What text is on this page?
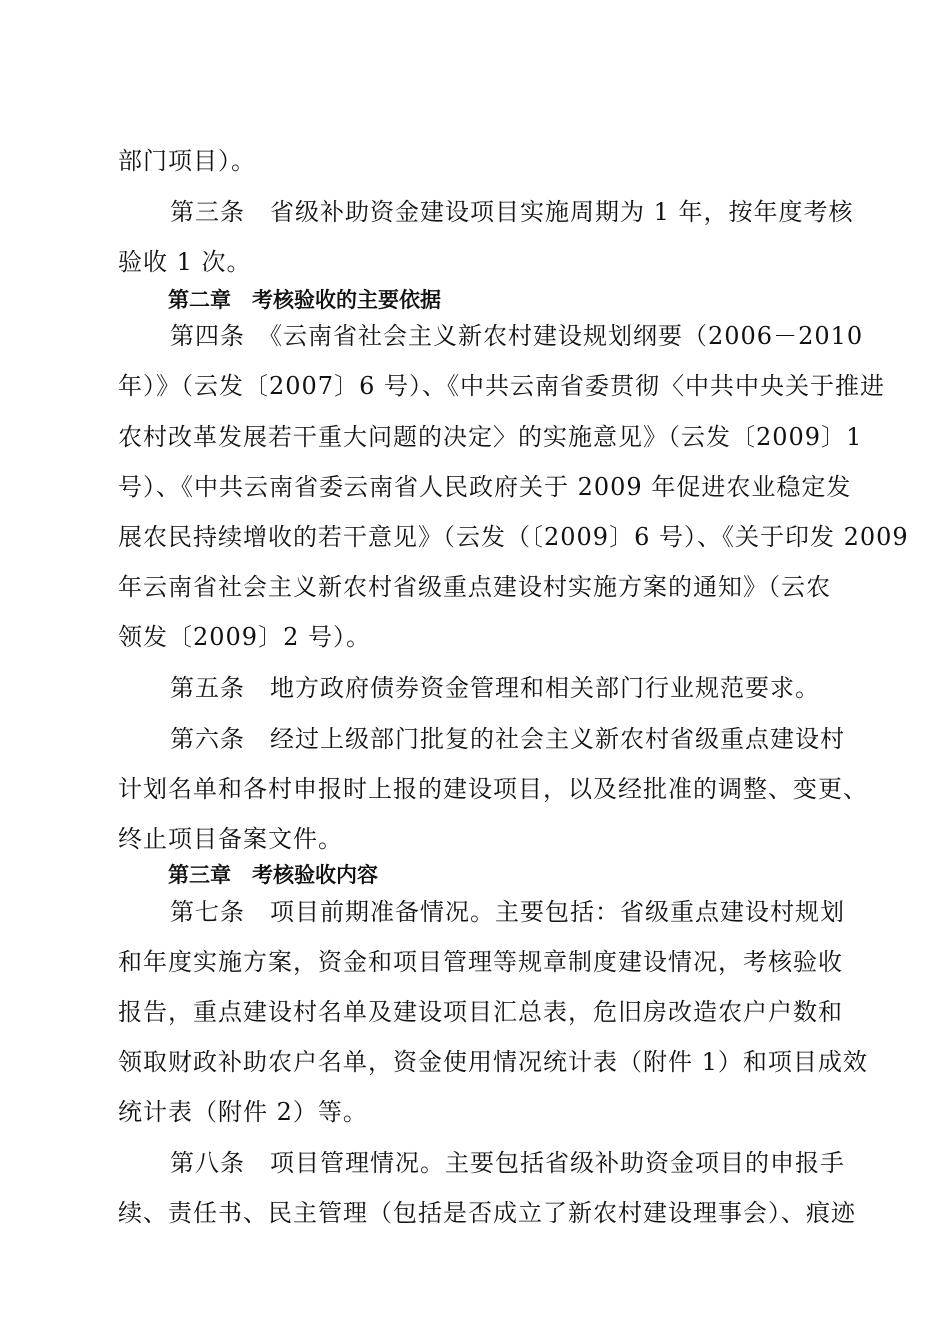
部门项目）。
第三条　省级补助资金建设项目实施周期为 1 年，按年度考核
验收 1 次。
第二章　考核验收的主要依据
第四条　《云南省社会主义新农村建设规划纲要（2006－2010
年）》（云发〔2007〕6 号）、《中共云南省委贯彻〈中共中央关于推进
农村改革发展若干重大问题的决定〉的实施意见》（云发〔2009〕1
号）、《中共云南省委云南省人民政府关于 2009 年促进农业稳定发
展农民持续增收的若干意见》（云发（〔2009〕6 号）、《关于印发 2009
年云南省社会主义新农村省级重点建设村实施方案的通知》（云农
领发〔2009〕2 号）。
第五条　地方政府债券资金管理和相关部门行业规范要求。
第六条　经过上级部门批复的社会主义新农村省级重点建设村
计划名单和各村申报时上报的建设项目，以及经批准的调整、变更、
终止项目备案文件。
第三章　考核验收内容
第七条　项目前期准备情况。主要包括：省级重点建设村规划
和年度实施方案，资金和项目管理等规章制度建设情况，考核验收
报告，重点建设村名单及建设项目汇总表，危旧房改造农户户数和
领取财政补助农户名单，资金使用情况统计表（附件 1）和项目成效
统计表（附件 2）等。
第八条　项目管理情况。主要包括省级补助资金项目的申报手
续、责任书、民主管理（包括是否成立了新农村建设理事会）、痕迹
